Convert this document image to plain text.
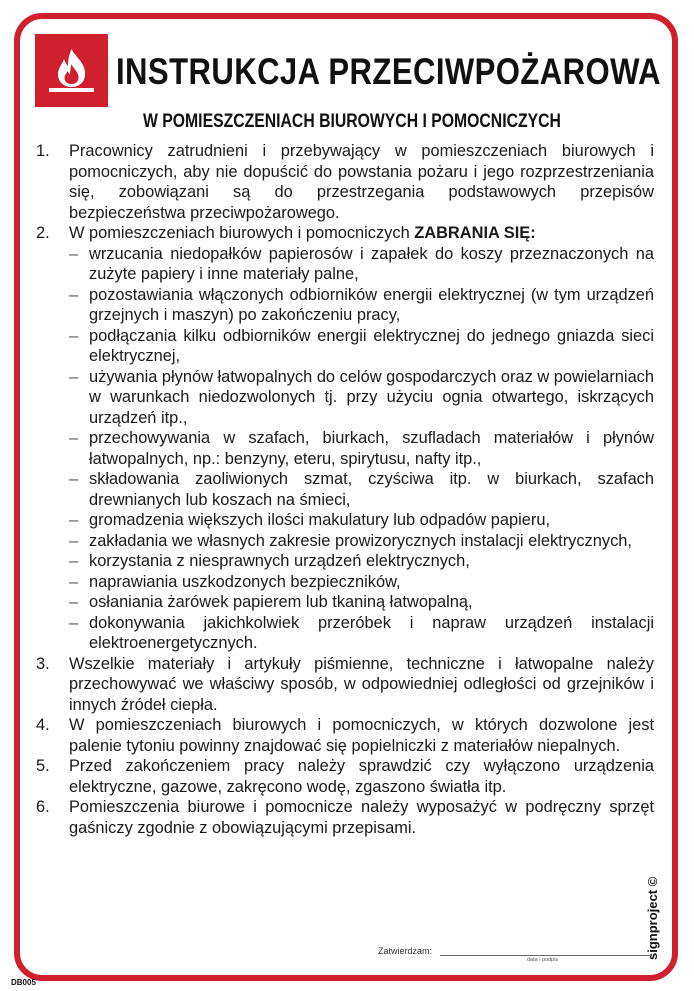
INSTRUKCJA PRZECIWPOŻAROWA
W POMIESZCZENIACH BIUROWYCH I POMOCNICZYCH
1. Pracownicy zatrudnieni i przebywający w pomieszczeniach biurowych i pomocniczych, aby nie dopuścić do powstania pożaru i jego rozprzestrzeniania się, zobowiązani są do przestrzegania podstawowych przepisów bezpieczeństwa przeciwpożarowego.
2. W pomieszczeniach biurowych i pomocniczych ZABRANIA SIĘ:
– wrzucania niedopałków papierosów i zapałek do koszy przeznaczonych na zużyte papiery i inne materiały palne,
– pozostawiania włączonych odbiorników energii elektrycznej (w tym urządzeń grzejnych i maszyn) po zakończeniu pracy,
– podłączania kilku odbiorników energii elektrycznej do jednego gniazda sieci elektrycznej,
– używania płynów łatwopalnych do celów gospodarczych oraz w powielarniach w warunkach niedozwolonych tj. przy użyciu ognia otwartego, iskrzących urządzeń itp.,
– przechowywania w szafach, biurkach, szufladach materiałów i płynów łatwopalnych, np.: benzyny, eteru, spirytusu, nafty itp.,
– składowania zaoliwionych szmat, czyściwa itp. w biurkach, szafach drewnianych lub koszach na śmieci,
– gromadzenia większych ilości makulatury lub odpadów papieru,
– zakładania we własnych zakresie prowizorycznych instalacji elektrycznych,
– korzystania z niesprawnych urządzeń elektrycznych,
– naprawiania uszkodzonych bezpieczników,
– osłaniania żarówek papierem lub tkaniną łatwopalną,
– dokonywania jakichkolwiek przeróbek i napraw urządzeń instalacji elektroenergetycznych.
3. Wszelkie materiały i artykuły piśmienne, techniczne i łatwopalne należy przechowywać we właściwy sposób, w odpowiedniej odległości od grzejników i innych źródeł ciepła.
4. W pomieszczeniach biurowych i pomocniczych, w których dozwolone jest palenie tytoniu powinny znajdować się popielniczki z materiałów niepalnych.
5. Przed zakończeniem pracy należy sprawdzić czy wyłączono urządzenia elektryczne, gazowe, zakręcono wodę, zgaszono światła itp.
6. Pomieszczenia biurowe i pomocnicze należy wyposażyć w podręczny sprzęt gaśniczy zgodnie z obowiązującymi przepisami.
signproject ©
Zatwierdzam:
data i podpis
DB005
